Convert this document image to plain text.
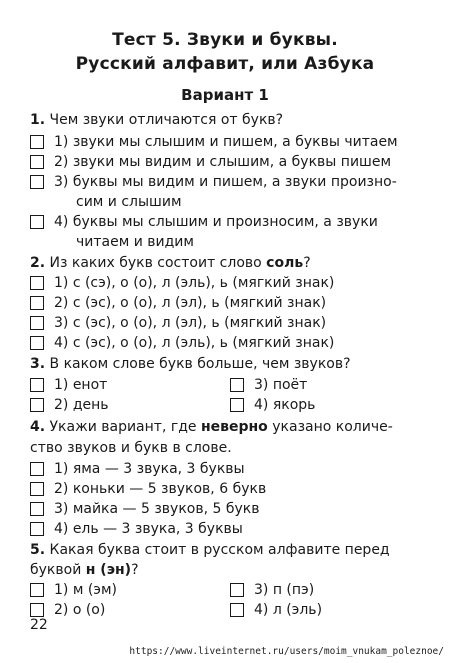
Тест 5. Звуки и буквы.
Русский алфавит, или Азбука
Вариант 1
1. Чем звуки отличаются от букв?
1) звуки мы слышим и пишем, а буквы читаем
2) звуки мы видим и слышим, а буквы пишем
3) буквы мы видим и пишем, а звуки произно-
сим и слышим
4) буквы мы слышим и произносим, а звуки
читаем и видим
2. Из каких букв состоит слово соль?
1) с (сэ), о (о), л (эль), ь (мягкий знак)
2) с (эс), о (о), л (эл), ь (мягкий знак)
3) с (эс), о (о), л (эл), ь (мягкий знак)
4) с (эс), о (о), л (эль), ь (мягкий знак)
3. В каком слове букв больше, чем звуков?
1) енот
2) день
3) поёт
4) якорь
4. Укажи вариант, где неверно указано количе-
ство звуков и букв в слове.
1) яма — 3 звука, 3 буквы
2) коньки — 5 звуков, 6 букв
3) майка — 5 звуков, 5 букв
4) ель — 3 звука, 3 буквы
5. Какая буква стоит в русском алфавите перед
буквой н (эн)?
1) м (эм)
2) о (о)
3) п (пэ)
4) л (эль)
22
https://www.liveinternet.ru/users/moim_vnukam_poleznoe/
